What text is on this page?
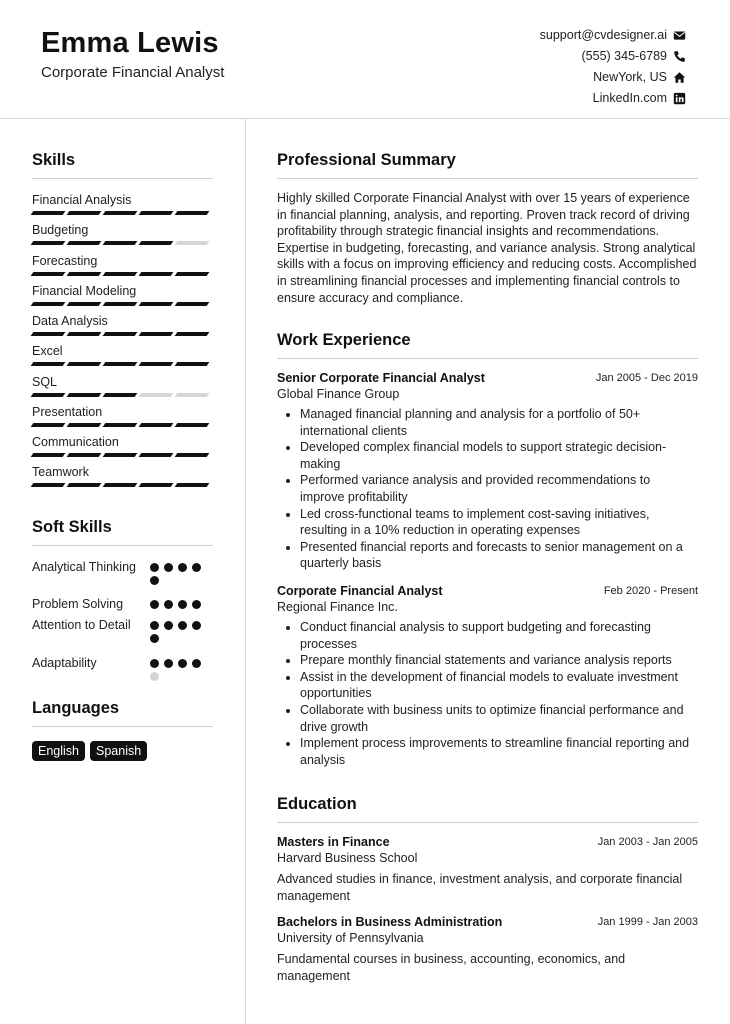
Emma Lewis
Corporate Financial Analyst
support@cvdesigner.ai
(555) 345-6789
NewYork, US
LinkedIn.com
Skills
Financial Analysis
Budgeting
Forecasting
Financial Modeling
Data Analysis
Excel
SQL
Presentation
Communication
Teamwork
Soft Skills
Analytical Thinking
Problem Solving
Attention to Detail
Adaptability
Languages
English	Spanish
Professional Summary
Highly skilled Corporate Financial Analyst with over 15 years of experience in financial planning, analysis, and reporting. Proven track record of driving profitability through strategic financial insights and recommendations. Expertise in budgeting, forecasting, and variance analysis. Strong analytical skills with a focus on improving efficiency and reducing costs. Accomplished in streamlining financial processes and implementing financial controls to ensure accuracy and compliance.
Work Experience
Senior Corporate Financial Analyst	Jan 2005 - Dec 2019
Global Finance Group
• Managed financial planning and analysis for a portfolio of 50+ international clients
• Developed complex financial models to support strategic decision-making
• Performed variance analysis and provided recommendations to improve profitability
• Led cross-functional teams to implement cost-saving initiatives, resulting in a 10% reduction in operating expenses
• Presented financial reports and forecasts to senior management on a quarterly basis
Corporate Financial Analyst	Feb 2020 - Present
Regional Finance Inc.
• Conduct financial analysis to support budgeting and forecasting processes
• Prepare monthly financial statements and variance analysis reports
• Assist in the development of financial models to evaluate investment opportunities
• Collaborate with business units to optimize financial performance and drive growth
• Implement process improvements to streamline financial reporting and analysis
Education
Masters in Finance	Jan 2003 - Jan 2005
Harvard Business School
Advanced studies in finance, investment analysis, and corporate financial management
Bachelors in Business Administration	Jan 1999 - Jan 2003
University of Pennsylvania
Fundamental courses in business, accounting, economics, and management
